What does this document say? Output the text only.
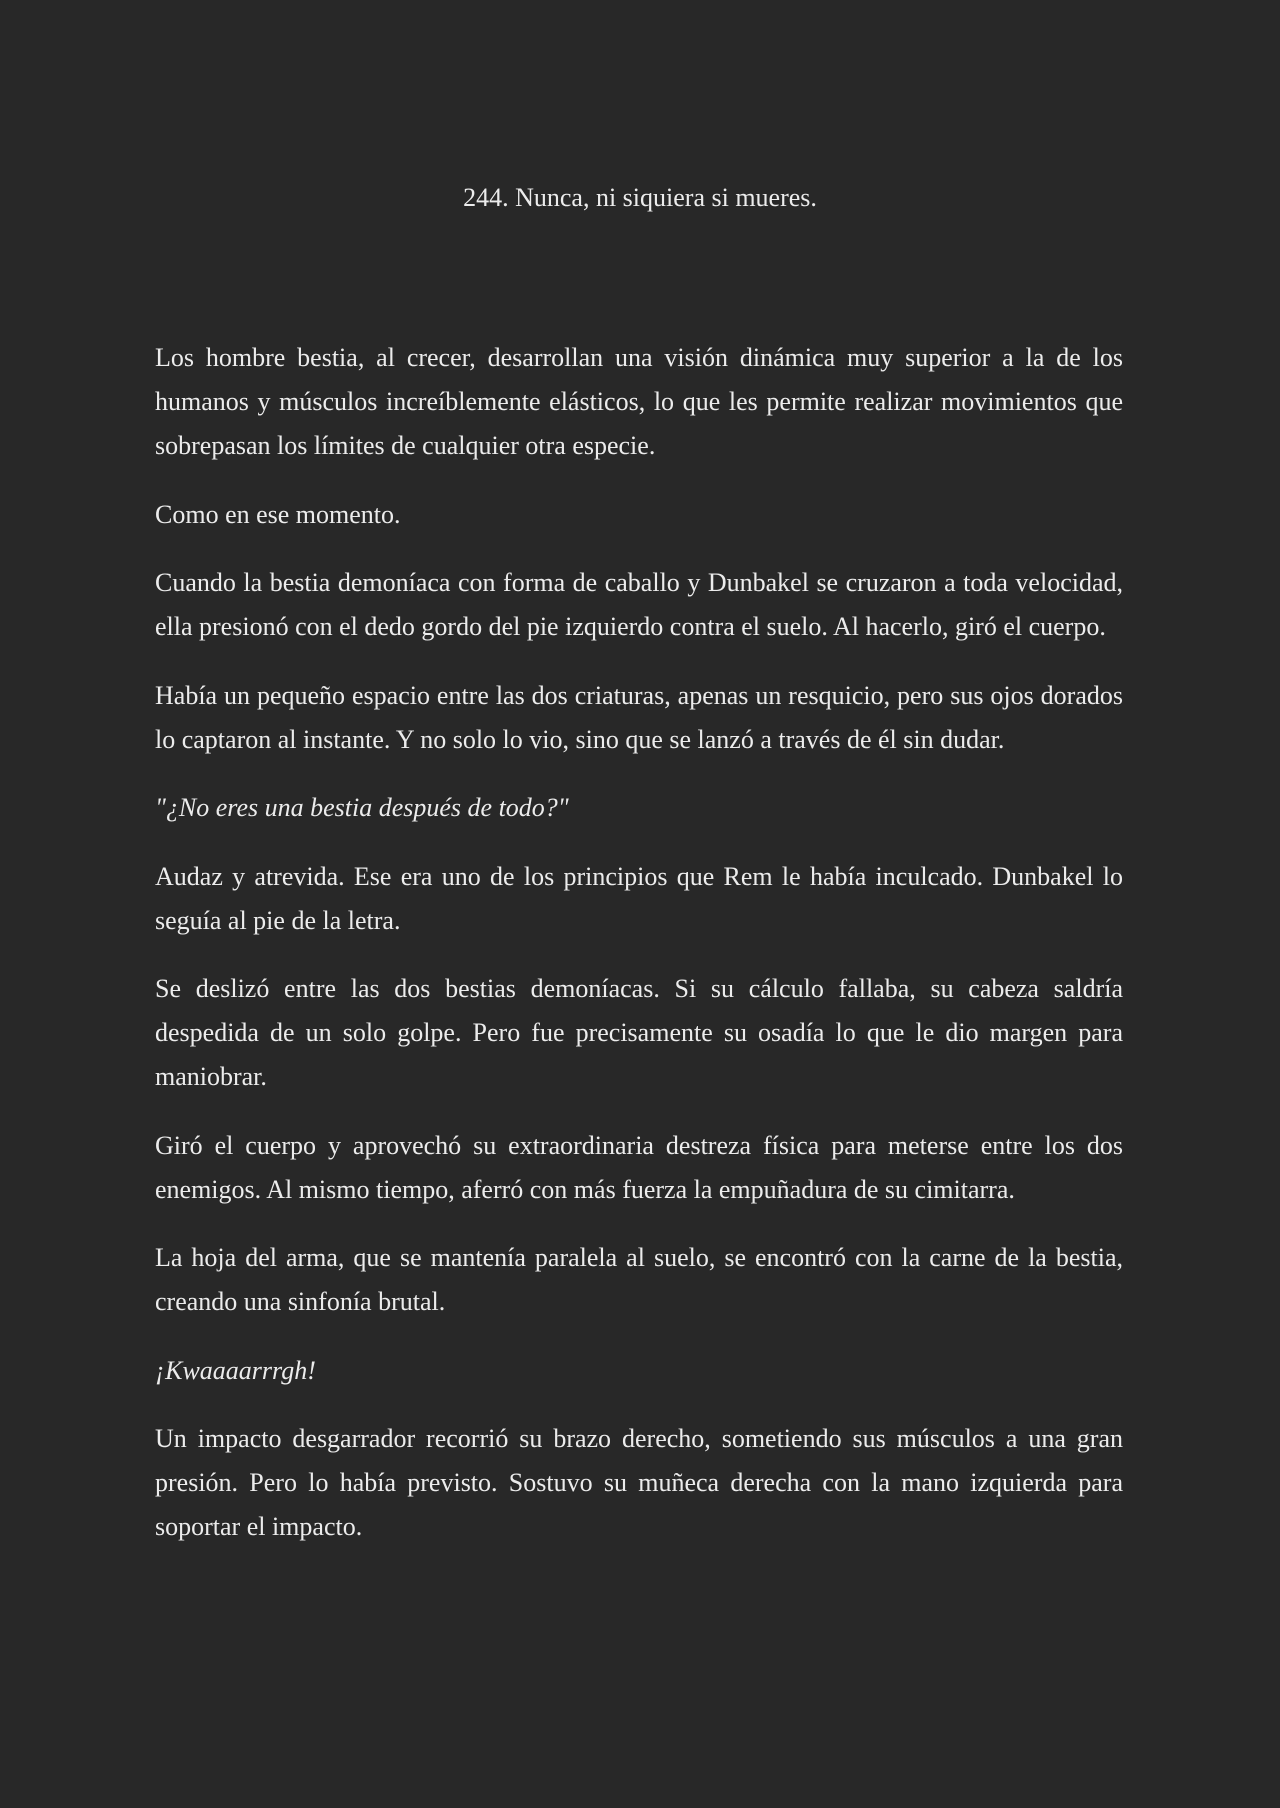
244. Nunca, ni siquiera si mueres.

Los hombre bestia, al crecer, desarrollan una visión dinámica muy superior a la de los humanos y músculos increíblemente elásticos, lo que les permite realizar movimientos que sobrepasan los límites de cualquier otra especie.

Como en ese momento.

Cuando la bestia demoníaca con forma de caballo y Dunbakel se cruzaron a toda velocidad, ella presionó con el dedo gordo del pie izquierdo contra el suelo. Al hacerlo, giró el cuerpo.

Había un pequeño espacio entre las dos criaturas, apenas un resquicio, pero sus ojos dorados lo captaron al instante. Y no solo lo vio, sino que se lanzó a través de él sin dudar.

"¿No eres una bestia después de todo?"

Audaz y atrevida. Ese era uno de los principios que Rem le había inculcado. Dunbakel lo seguía al pie de la letra.

Se deslizó entre las dos bestias demoníacas. Si su cálculo fallaba, su cabeza saldría despedida de un solo golpe. Pero fue precisamente su osadía lo que le dio margen para maniobrar.

Giró el cuerpo y aprovechó su extraordinaria destreza física para meterse entre los dos enemigos. Al mismo tiempo, aferró con más fuerza la empuñadura de su cimitarra.

La hoja del arma, que se mantenía paralela al suelo, se encontró con la carne de la bestia, creando una sinfonía brutal.

¡Kwaaaarrrgh!

Un impacto desgarrador recorrió su brazo derecho, sometiendo sus músculos a una gran presión. Pero lo había previsto. Sostuvo su muñeca derecha con la mano izquierda para soportar el impacto.
